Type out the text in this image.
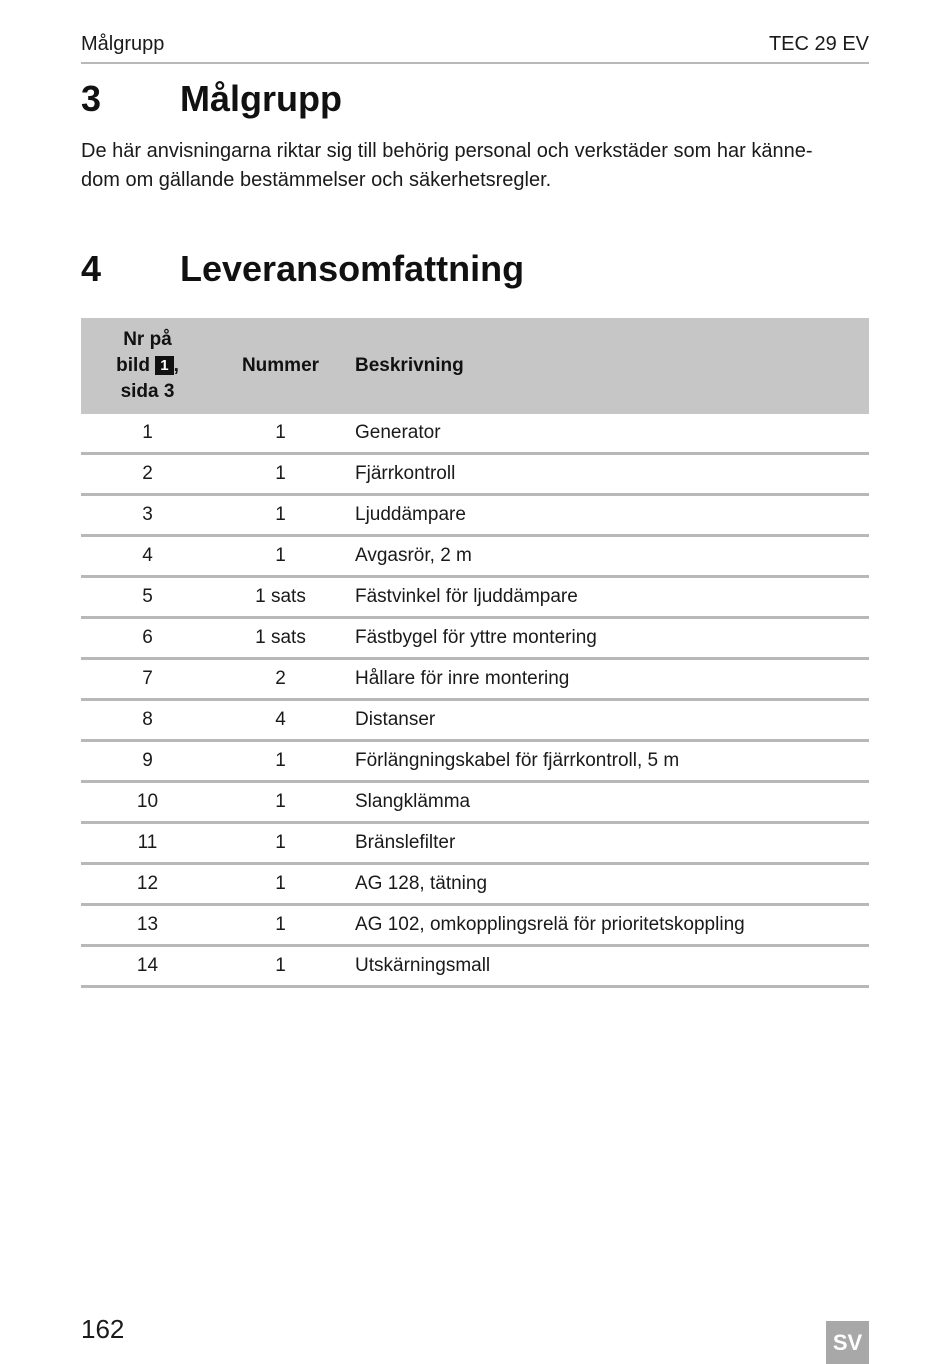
Målgrupp	TEC 29 EV
3 Målgrupp
De här anvisningarna riktar sig till behörig personal och verkstäder som har känne-
dom om gällande bestämmelser och säkerhetsregler.
4 Leveransomfattning
Nr på
bild 1 ,
sida 3	Nummer	Beskrivning
1	1	Generator
2	1	Fjärrkontroll
3	1	Ljuddämpare
4	1	Avgasrör, 2 m
5	1 sats	Fästvinkel för ljuddämpare
6	1 sats	Fästbygel för yttre montering
7	2	Hållare för inre montering
8	4	Distanser
9	1	Förlängningskabel för fjärrkontroll, 5 m
10	1	Slangklämma
11	1	Bränslefilter
12	1	AG 128, tätning
13	1	AG 102, omkopplingsrelä för prioritetskoppling
14	1	Utskärningsmall
162	SV
